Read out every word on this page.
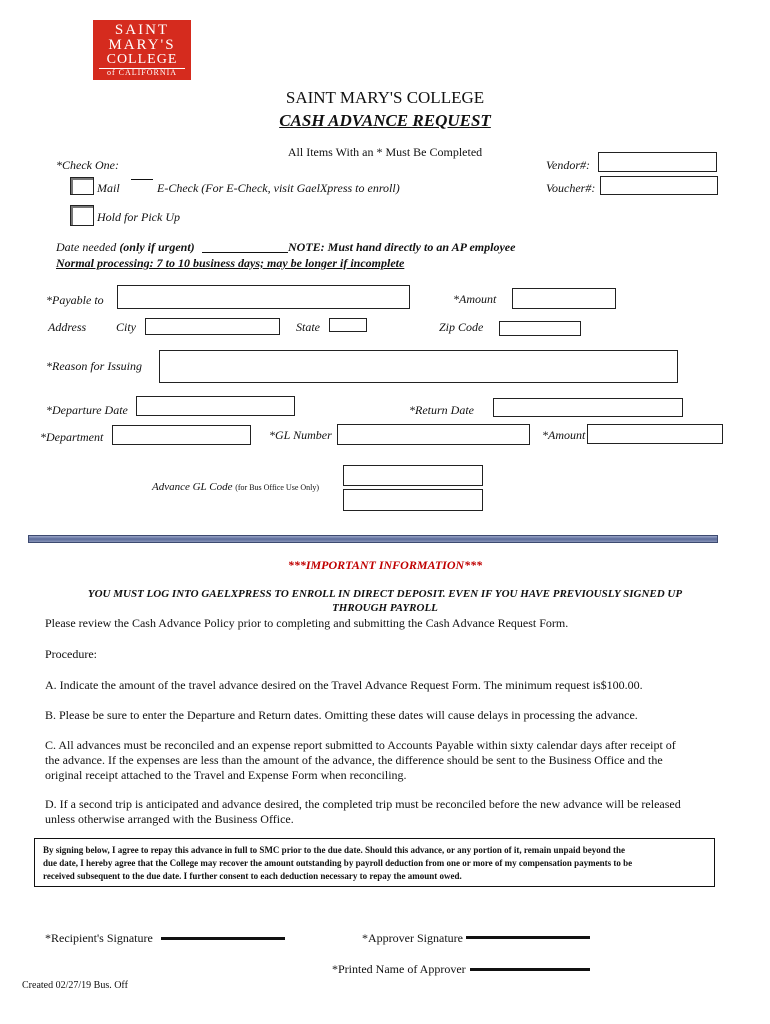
SAINT
MARY'S
COLLEGE
of CALIFORNIA
SAINT MARY'S COLLEGE
CASH ADVANCE REQUEST
All Items With an * Must Be Completed
*Check One:
Mail	E-Check (For E-Check, visit GaelXpress to enroll)
Hold for Pick Up
Vendor#:
Voucher#:
Date needed (only if urgent)	NOTE: Must hand directly to an AP employee
Normal processing: 7 to 10 business days; may be longer if incomplete
*Payable to	*Amount
Address City	State	Zip Code
*Reason for Issuing
*Departure Date	*Return Date
*Department	*GL Number	*Amount
Advance GL Code (for Bus Office Use Only)
***IMPORTANT INFORMATION***
YOU MUST LOG INTO GAELXPRESS TO ENROLL IN DIRECT DEPOSIT. EVEN IF YOU HAVE PREVIOUSLY SIGNED UP
THROUGH PAYROLL
Please review the Cash Advance Policy prior to completing and submitting the Cash Advance Request Form.
Procedure:
A. Indicate the amount of the travel advance desired on the Travel Advance Request Form. The minimum request is$100.00.
B. Please be sure to enter the Departure and Return dates. Omitting these dates will cause delays in processing the advance.
C. All advances must be reconciled and an expense report submitted to Accounts Payable within sixty calendar days after receipt of
the advance. If the expenses are less than the amount of the advance, the difference should be sent to the Business Office and the
original receipt attached to the Travel and Expense Form when reconciling.
D. If a second trip is anticipated and advance desired, the completed trip must be reconciled before the new advance will be released
unless otherwise arranged with the Business Office.
By signing below, I agree to repay this advance in full to SMC prior to the due date. Should this advance, or any portion of it, remain unpaid beyond the
due date, I hereby agree that the College may recover the amount outstanding by payroll deduction from one or more of my compensation payments to be
received subsequent to the due date. I further consent to each deduction necessary to repay the amount owed.
*Recipient's Signature	*Approver Signature
*Printed Name of Approver
Created 02/27/19 Bus. Off
